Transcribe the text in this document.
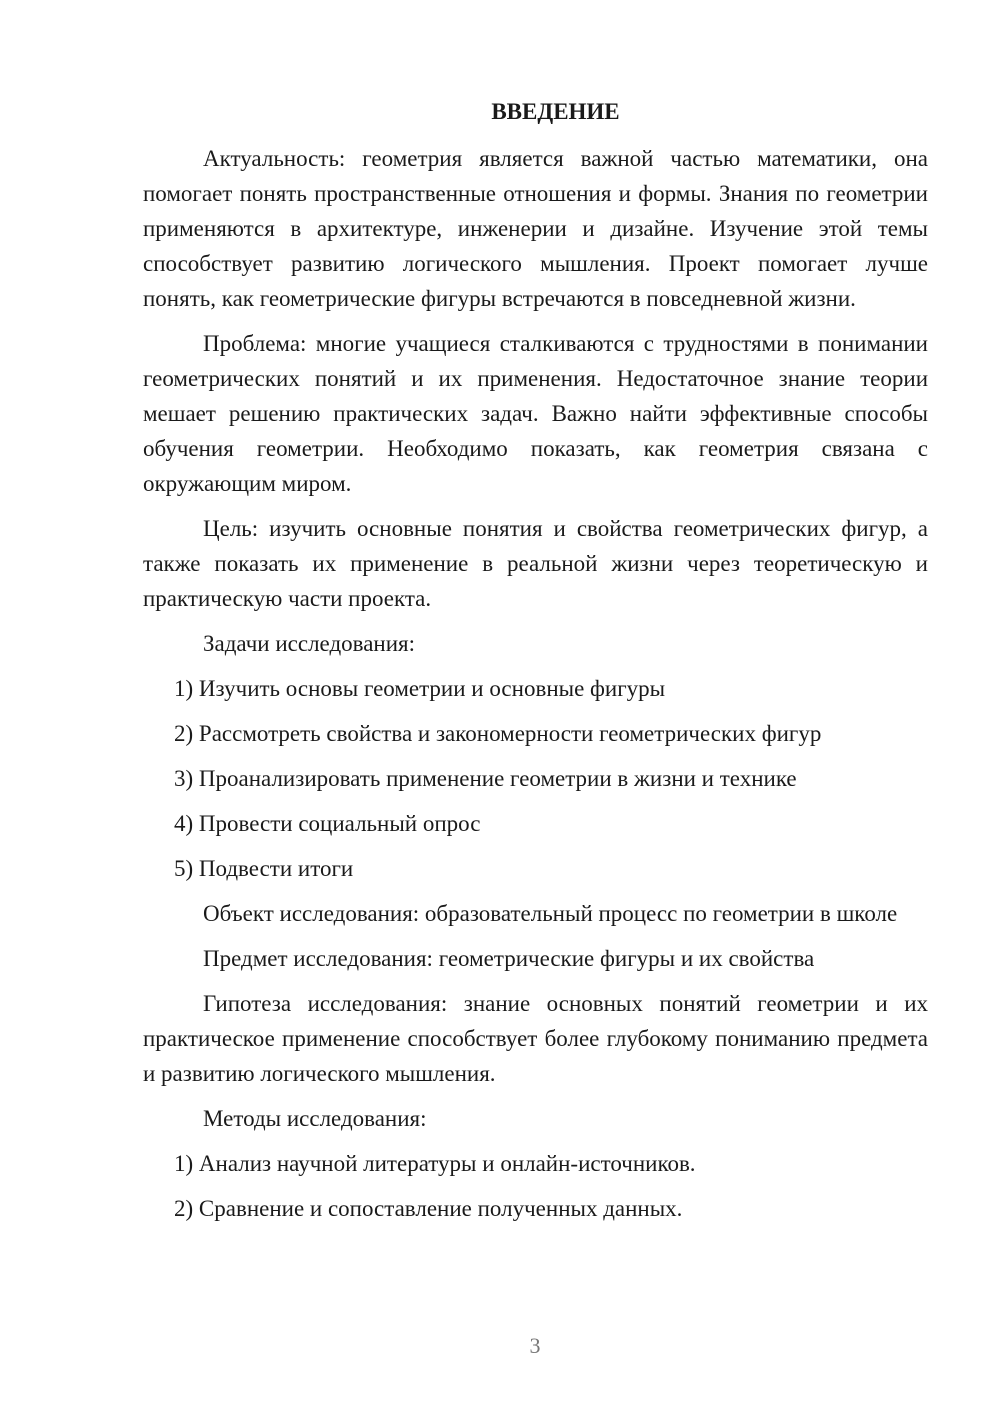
ВВЕДЕНИЕ
Актуальность: геометрия является важной частью математики, она помогает понять пространственные отношения и формы. Знания по геометрии применяются в архитектуре, инженерии и дизайне. Изучение этой темы способствует развитию логического мышления. Проект помогает лучше понять, как геометрические фигуры встречаются в повседневной жизни.
Проблема: многие учащиеся сталкиваются с трудностями в понимании геометрических понятий и их применения. Недостаточное знание теории мешает решению практических задач. Важно найти эффективные способы обучения геометрии. Необходимо показать, как геометрия связана с окружающим миром.
Цель: изучить основные понятия и свойства геометрических фигур, а также показать их применение в реальной жизни через теоретическую и практическую части проекта.
Задачи исследования:
1) Изучить основы геометрии и основные фигуры
2) Рассмотреть свойства и закономерности геометрических фигур
3) Проанализировать применение геометрии в жизни и технике
4) Провести социальный опрос
5) Подвести итоги
Объект исследования: образовательный процесс по геометрии в школе
Предмет исследования: геометрические фигуры и их свойства
Гипотеза исследования: знание основных понятий геометрии и их практическое применение способствует более глубокому пониманию предмета и развитию логического мышления.
Методы исследования:
1) Анализ научной литературы и онлайн-источников.
2) Сравнение и сопоставление полученных данных.
3
